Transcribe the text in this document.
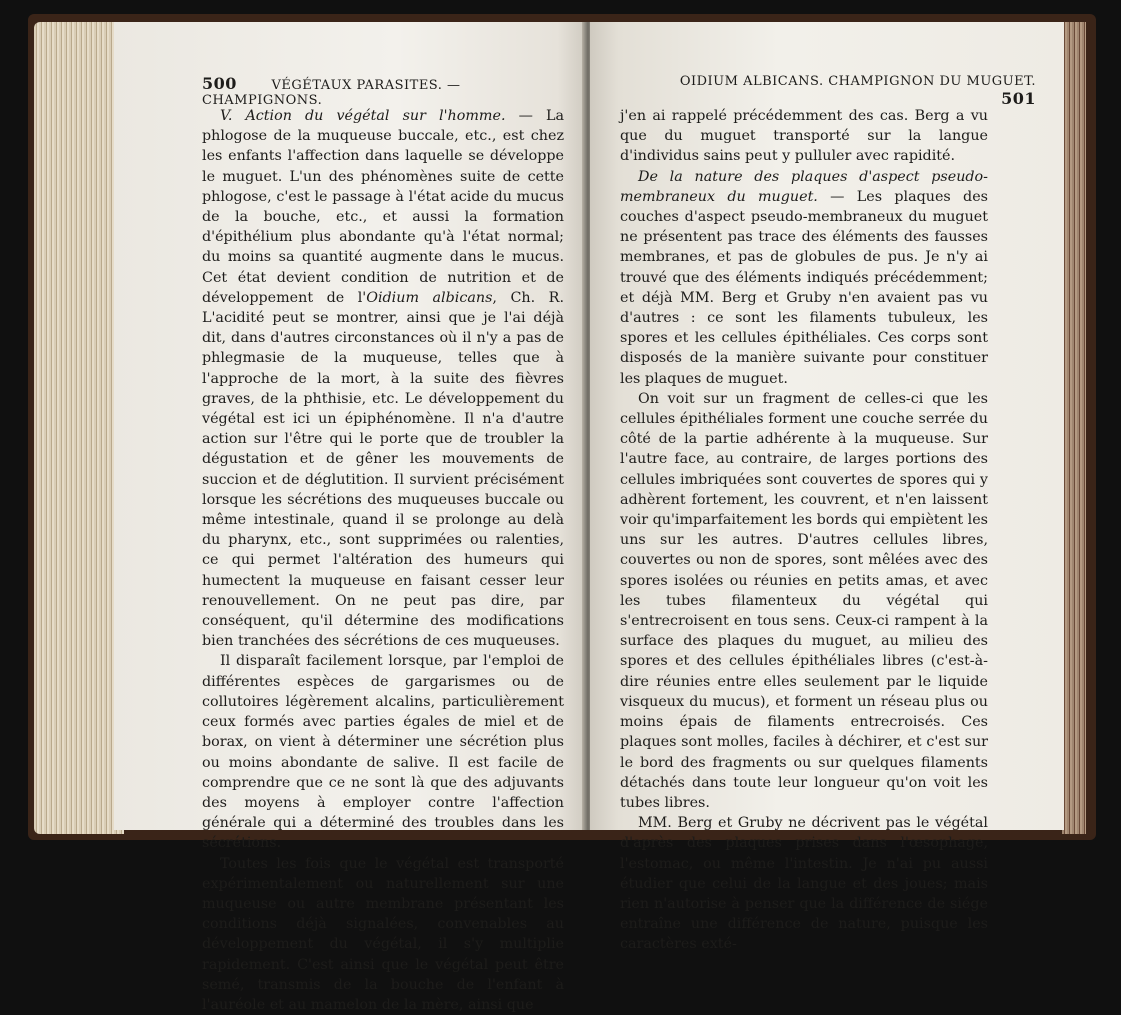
500	VÉGÉTAUX PARASITES. — CHAMPIGNONS.

V. Action du végétal sur l'homme. — La phlogose de la muqueuse buccale, etc., est chez les enfants l'affection dans laquelle se développe le muguet. L'un des phénomènes suite de cette phlogose, c'est le passage à l'état acide du mucus de la bouche, etc., et aussi la formation d'épithélium plus abondante qu'à l'état normal; du moins sa quantité augmente dans le mucus. Cet état devient condition de nutrition et de développement de l'Oidium albicans, Ch. R. L'acidité peut se montrer, ainsi que je l'ai déjà dit, dans d'autres circonstances où il n'y a pas de phlegmasie de la muqueuse, telles que à l'approche de la mort, à la suite des fièvres graves, de la phthisie, etc. Le développement du végétal est ici un épiphénomène. Il n'a d'autre action sur l'être qui le porte que de troubler la dégustation et de gêner les mouvements de succion et de déglutition. Il survient précisément lorsque les sécrétions des muqueuses buccale ou même intestinale, quand il se prolonge au delà du pharynx, etc., sont supprimées ou ralenties, ce qui permet l'altération des humeurs qui humectent la muqueuse en faisant cesser leur renouvellement. On ne peut pas dire, par conséquent, qu'il détermine des modifications bien tranchées des sécrétions de ces muqueuses.

Il disparaît facilement lorsque, par l'emploi de différentes espèces de gargarismes ou de collutoires légèrement alcalins, particulièrement ceux formés avec parties égales de miel et de borax, on vient à déterminer une sécrétion plus ou moins abondante de salive. Il est facile de comprendre que ce ne sont là que des adjuvants des moyens à employer contre l'affection générale qui a déterminé des troubles dans les sécrétions.

Toutes les fois que le végétal est transporté expérimentalement ou naturellement sur une muqueuse ou autre membrane présentant les conditions déjà signalées, convenables au développement du végétal, il s'y multiplie rapidement. C'est ainsi que le végétal peut être semé, transmis de la bouche de l'enfant à l'auréole et au mamelon de la mère, ainsi que

OIDIUM ALBICANS. CHAMPIGNON DU MUGUET. 501

j'en ai rappelé précédemment des cas. Berg a vu que du muguet transporté sur la langue d'individus sains peut y pulluler avec rapidité.

De la nature des plaques d'aspect pseudo-membraneux du muguet. — Les plaques des couches d'aspect pseudo-membraneux du muguet ne présentent pas trace des éléments des fausses membranes, et pas de globules de pus. Je n'y ai trouvé que des éléments indiqués précédemment; et déjà MM. Berg et Gruby n'en avaient pas vu d'autres : ce sont les filaments tubuleux, les spores et les cellules épithéliales. Ces corps sont disposés de la manière suivante pour constituer les plaques de muguet.

On voit sur un fragment de celles-ci que les cellules épithéliales forment une couche serrée du côté de la partie adhérente à la muqueuse. Sur l'autre face, au contraire, de larges portions des cellules imbriquées sont couvertes de spores qui y adhèrent fortement, les couvrent, et n'en laissent voir qu'imparfaitement les bords qui empiètent les uns sur les autres. D'autres cellules libres, couvertes ou non de spores, sont mêlées avec des spores isolées ou réunies en petits amas, et avec les tubes filamenteux du végétal qui s'entrecroisent en tous sens. Ceux-ci rampent à la surface des plaques du muguet, au milieu des spores et des cellules épithéliales libres (c'est-à-dire réunies entre elles seulement par le liquide visqueux du mucus), et forment un réseau plus ou moins épais de filaments entrecroisés. Ces plaques sont molles, faciles à déchirer, et c'est sur le bord des fragments ou sur quelques filaments détachés dans toute leur longueur qu'on voit les tubes libres.

MM. Berg et Gruby ne décrivent pas le végétal d'après des plaques prises dans l'œsophage, l'estomac, ou même l'intestin. Je n'ai pu aussi étudier que celui de la langue et des joues; mais rien n'autorise à penser que la différence de siége entraîne une différence de nature, puisque les caractères exté-
